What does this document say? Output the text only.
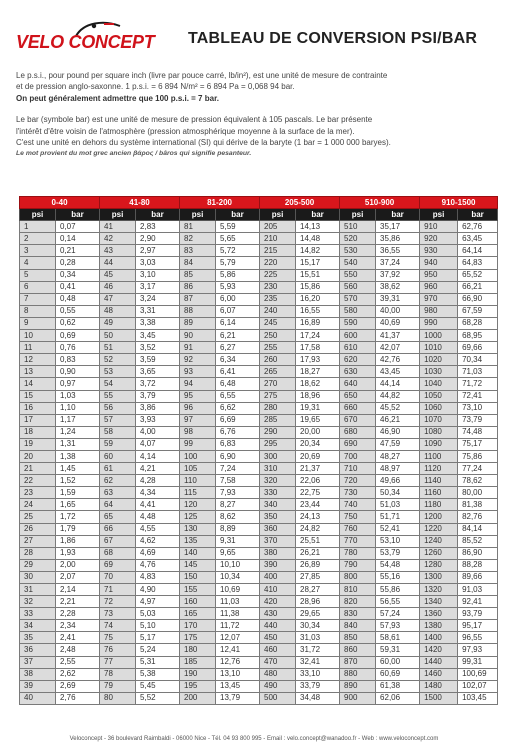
VELO CONCEPT TABLEAU DE CONVERSION PSI/BAR

Le p.s.i., pour pound per square inch (livre par pouce carré, lb/in²), est une unité de mesure de contrainte

et de pression anglo-saxonne. 1 p.s.i. = 6 894 N/m² = 6 894 Pa = 0,068 94 bar.

On peut généralement admettre que 100 p.s.i. = 7 bar.

Le bar (symbole bar) est une unité de mesure de pression équivalent à 105 pascals. Le bar présente

l'intérêt d'être voisin de l'atmosphère (pression atmosphérique moyenne à la surface de la mer).

C'est une unité en dehors du système international (SI) qui dérive de la baryte (1 bar = 1 000 000 baryes).

Le mot provient du mot grec ancien βάρος / bâros qui signifie pesanteur.

0-40		41-80		81-200		205-500		510-900		910-1500	
psi	bar	psi	bar	psi	bar	psi	bar	psi	bar	psi	bar
1	0,07	41	2,83	81	5,59	205	14,13	510	35,17	910	62,76
2	0,14	42	2,90	82	5,65	210	14,48	520	35,86	920	63,45
3	0,21	43	2,97	83	5,72	215	14,82	530	36,55	930	64,14
4	0,28	44	3,03	84	5,79	220	15,17	540	37,24	940	64,83
5	0,34	45	3,10	85	5,86	225	15,51	550	37,92	950	65,52
6	0,41	46	3,17	86	5,93	230	15,86	560	38,62	960	66,21
7	0,48	47	3,24	87	6,00	235	16,20	570	39,31	970	66,90
8	0,55	48	3,31	88	6,07	240	16,55	580	40,00	980	67,59
9	0,62	49	3,38	89	6,14	245	16,89	590	40,69	990	68,28
10	0,69	50	3,45	90	6,21	250	17,24	600	41,37	1000	68,95
11	0,76	51	3,52	91	6,27	255	17,58	610	42,07	1010	69,66
12	0,83	52	3,59	92	6,34	260	17,93	620	42,76	1020	70,34
13	0,90	53	3,65	93	6,41	265	18,27	630	43,45	1030	71,03
14	0,97	54	3,72	94	6,48	270	18,62	640	44,14	1040	71,72
15	1,03	55	3,79	95	6,55	275	18,96	650	44,82	1050	72,41
16	1,10	56	3,86	96	6,62	280	19,31	660	45,52	1060	73,10
17	1,17	57	3,93	97	6,69	285	19,65	670	46,21	1070	73,79
18	1,24	58	4,00	98	6,76	290	20,00	680	46,90	1080	74,48
19	1,31	59	4,07	99	6,83	295	20,34	690	47,59	1090	75,17
20	1,38	60	4,14	100	6,90	300	20,69	700	48,27	1100	75,86
21	1,45	61	4,21	105	7,24	310	21,37	710	48,97	1120	77,24
22	1,52	62	4,28	110	7,58	320	22,06	720	49,66	1140	78,62
23	1,59	63	4,34	115	7,93	330	22,75	730	50,34	1160	80,00
24	1,65	64	4,41	120	8,27	340	23,44	740	51,03	1180	81,38
25	1,72	65	4,48	125	8,62	350	24,13	750	51,71	1200	82,76
26	1,79	66	4,55	130	8,89	360	24,82	760	52,41	1220	84,14
27	1,86	67	4,62	135	9,31	370	25,51	770	53,10	1240	85,52
28	1,93	68	4,69	140	9,65	380	26,21	780	53,79	1260	86,90
29	2,00	69	4,76	145	10,10	390	26,89	790	54,48	1280	88,28
30	2,07	70	4,83	150	10,34	400	27,85	800	55,16	1300	89,66
31	2,14	71	4,90	155	10,69	410	28,27	810	55,86	1320	91,03
32	2,21	72	4,97	160	11,03	420	28,96	820	56,55	1340	92,41
33	2,28	73	5,03	165	11,38	430	29,65	830	57,24	1360	93,79
34	2,34	74	5,10	170	11,72	440	30,34	840	57,93	1380	95,17
35	2,41	75	5,17	175	12,07	450	31,03	850	58,61	1400	96,55
36	2,48	76	5,24	180	12,41	460	31,72	860	59,31	1420	97,93
37	2,55	77	5,31	185	12,76	470	32,41	870	60,00	1440	99,31
38	2,62	78	5,38	190	13,10	480	33,10	880	60,69	1460	100,69
39	2,69	79	5,45	195	13,45	490	33,79	890	61,38	1480	102,07
40	2,76	80	5,52	200	13,79	500	34,48	900	62,06	1500	103,45
Veloconcept - 36 boulevard Raimbaldi - 06000 Nice - Tél. 04 93 800 995 - Email : velo.concept@wanadoo.fr - Web : www.veloconcept.com
